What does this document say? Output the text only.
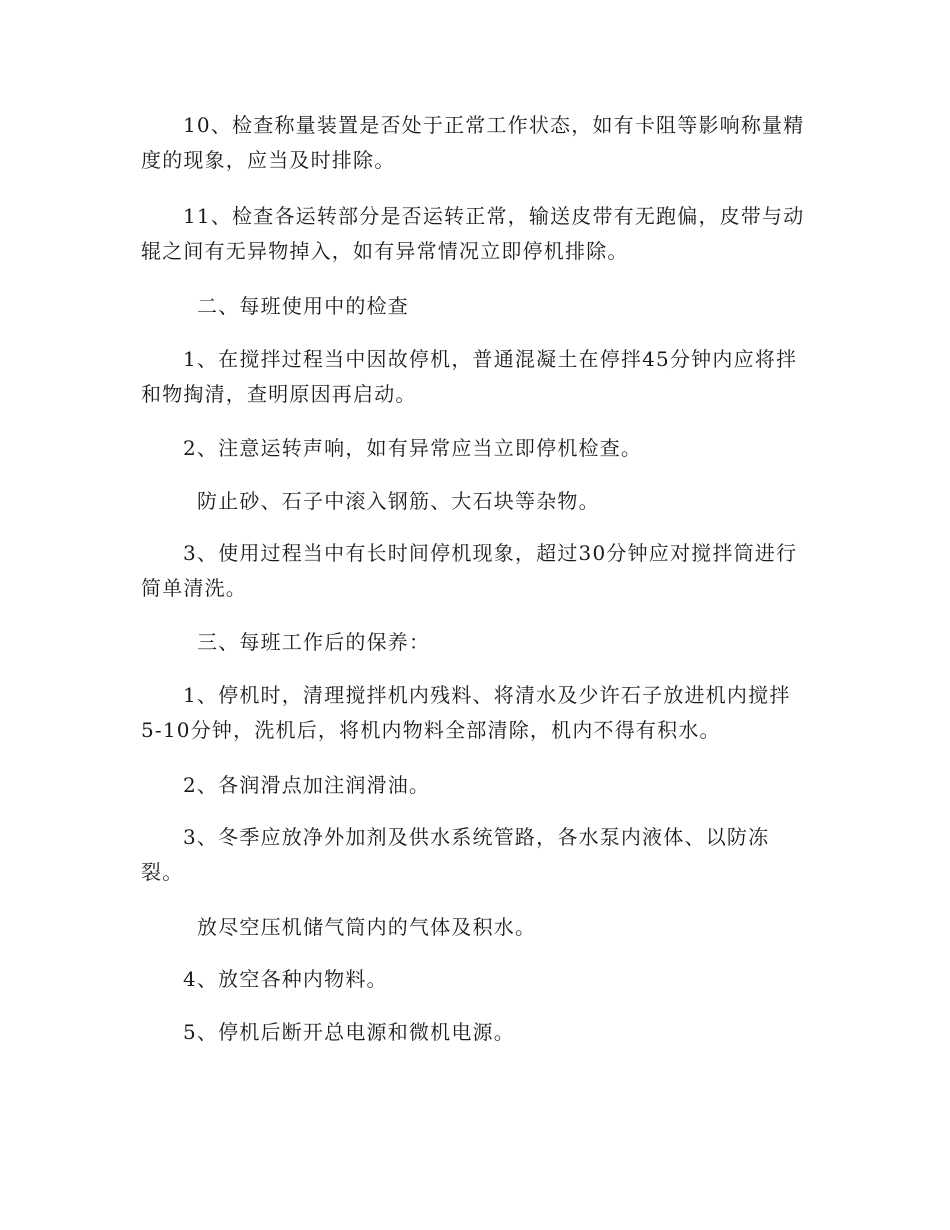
10、检查称量装置是否处于正常工作状态，如有卡阻等影响称量精度的现象，应当及时排除。

11、检查各运转部分是否运转正常，输送皮带有无跑偏，皮带与动辊之间有无异物掉入，如有异常情况立即停机排除。

二、每班使用中的检查

1、在搅拌过程当中因故停机，普通混凝土在停拌45分钟内应将拌和物掏清，查明原因再启动。

2、注意运转声响，如有异常应当立即停机检查。

防止砂、石子中滚入钢筋、大石块等杂物。

3、使用过程当中有长时间停机现象，超过30分钟应对搅拌筒进行简单清洗。

三、每班工作后的保养：

1、停机时，清理搅拌机内残料、将清水及少许石子放进机内搅拌5-10分钟，洗机后，将机内物料全部清除，机内不得有积水。

2、各润滑点加注润滑油。

3、冬季应放净外加剂及供水系统管路，各水泵内液体、以防冻裂。

放尽空压机储气筒内的气体及积水。

4、放空各种内物料。

5、停机后断开总电源和微机电源。
